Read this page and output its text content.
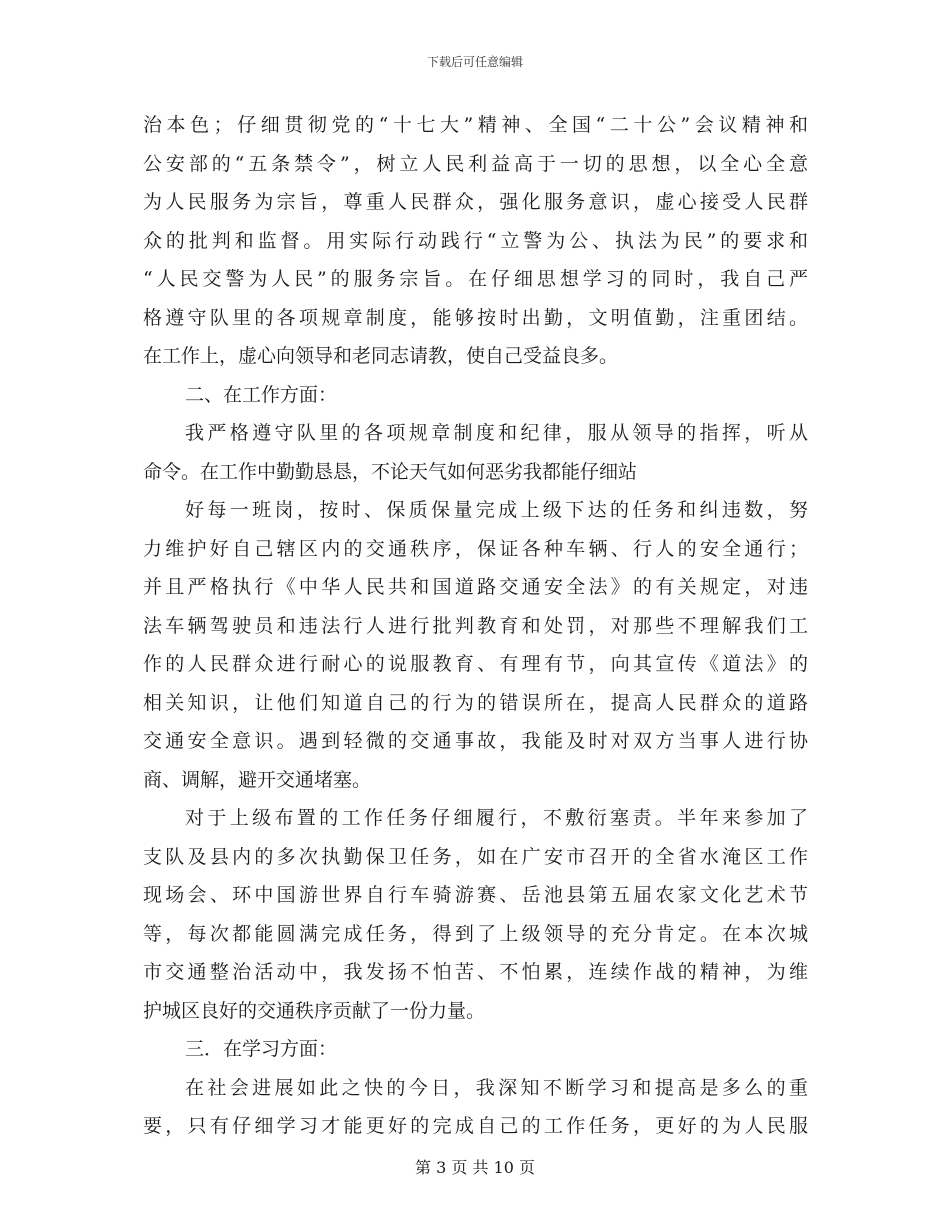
下载后可任意编辑
治本色；仔细贯彻党的“十七大”精神、全国“二十公”会议精神和
公安部的“五条禁令”，树立人民利益高于一切的思想，以全心全意
为人民服务为宗旨，尊重人民群众，强化服务意识，虚心接受人民群
众的批判和监督。用实际行动践行“立警为公、执法为民”的要求和
“人民交警为人民”的服务宗旨。在仔细思想学习的同时，我自己严
格遵守队里的各项规章制度，能够按时出勤，文明值勤，注重团结。
在工作上，虚心向领导和老同志请教，使自己受益良多。
二、在工作方面：
我严格遵守队里的各项规章制度和纪律，服从领导的指挥，听从
命令。在工作中勤勤恳恳，不论天气如何恶劣我都能仔细站
好每一班岗，按时、保质保量完成上级下达的任务和纠违数，努
力维护好自己辖区内的交通秩序，保证各种车辆、行人的安全通行；
并且严格执行《中华人民共和国道路交通安全法》的有关规定，对违
法车辆驾驶员和违法行人进行批判教育和处罚，对那些不理解我们工
作的人民群众进行耐心的说服教育、有理有节，向其宣传《道法》的
相关知识，让他们知道自己的行为的错误所在，提高人民群众的道路
交通安全意识。遇到轻微的交通事故，我能及时对双方当事人进行协
商、调解，避开交通堵塞。
对于上级布置的工作任务仔细履行，不敷衍塞责。半年来参加了
支队及县内的多次执勤保卫任务，如在广安市召开的全省水淹区工作
现场会、环中国游世界自行车骑游赛、岳池县第五届农家文化艺术节
等，每次都能圆满完成任务，得到了上级领导的充分肯定。在本次城
市交通整治活动中，我发扬不怕苦、不怕累，连续作战的精神，为维
护城区良好的交通秩序贡献了一份力量。
三．在学习方面：
在社会进展如此之快的今日，我深知不断学习和提高是多么的重
要，只有仔细学习才能更好的完成自己的工作任务，更好的为人民服
第 3 页 共 10 页
